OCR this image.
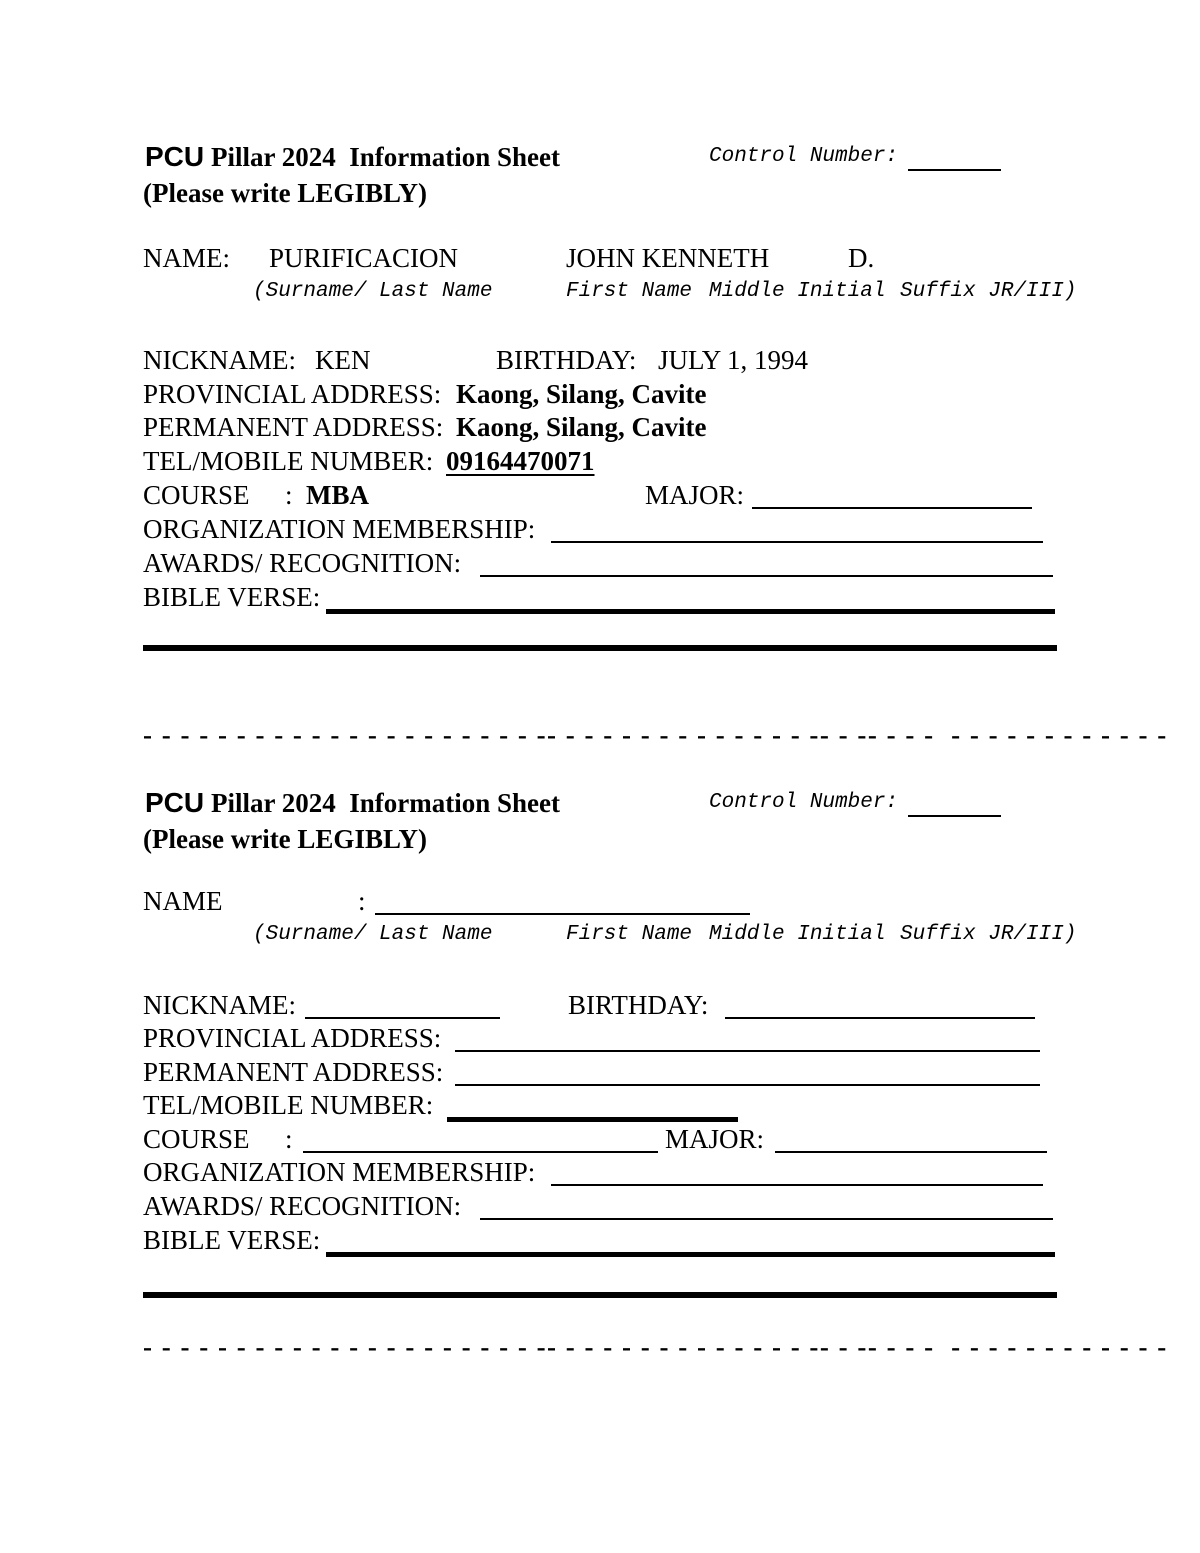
PCU Pillar 2024  Information Sheet	Control Number:
(Please write LEGIBLY)
NAME: PURIFICACION	JOHN KENNETH	D.
(Surname/ Last Name	First Name Middle Initial Suffix JR/III)
NICKNAME: KEN	BIRTHDAY: JULY 1, 1994
PROVINCIAL ADDRESS: Kaong, Silang, Cavite
PERMANENT ADDRESS: Kaong, Silang, Cavite
TEL/MOBILE NUMBER: 09164470071
COURSE : MBA	MAJOR:
ORGANIZATION MEMBERSHIP:
AWARDS/ RECOGNITION:
BIBLE VERSE:
- - - - - - - - - - - - - - - - - - - - - -- - - - - - - - - - - - - - -- - -- - - -  - - - - - - - - - - - -
PCU Pillar 2024  Information Sheet	Control Number:
(Please write LEGIBLY)
NAME	:
(Surname/ Last Name	First Name Middle Initial Suffix JR/III)
NICKNAME:	BIRTHDAY:
PROVINCIAL ADDRESS:
PERMANENT ADDRESS:
TEL/MOBILE NUMBER:
COURSE :	MAJOR:
ORGANIZATION MEMBERSHIP:
AWARDS/ RECOGNITION:
BIBLE VERSE:
- - - - - - - - - - - - - - - - - - - - - -- - - - - - - - - - - - - - -- - -- - - -  - - - - - - - - - - - -
